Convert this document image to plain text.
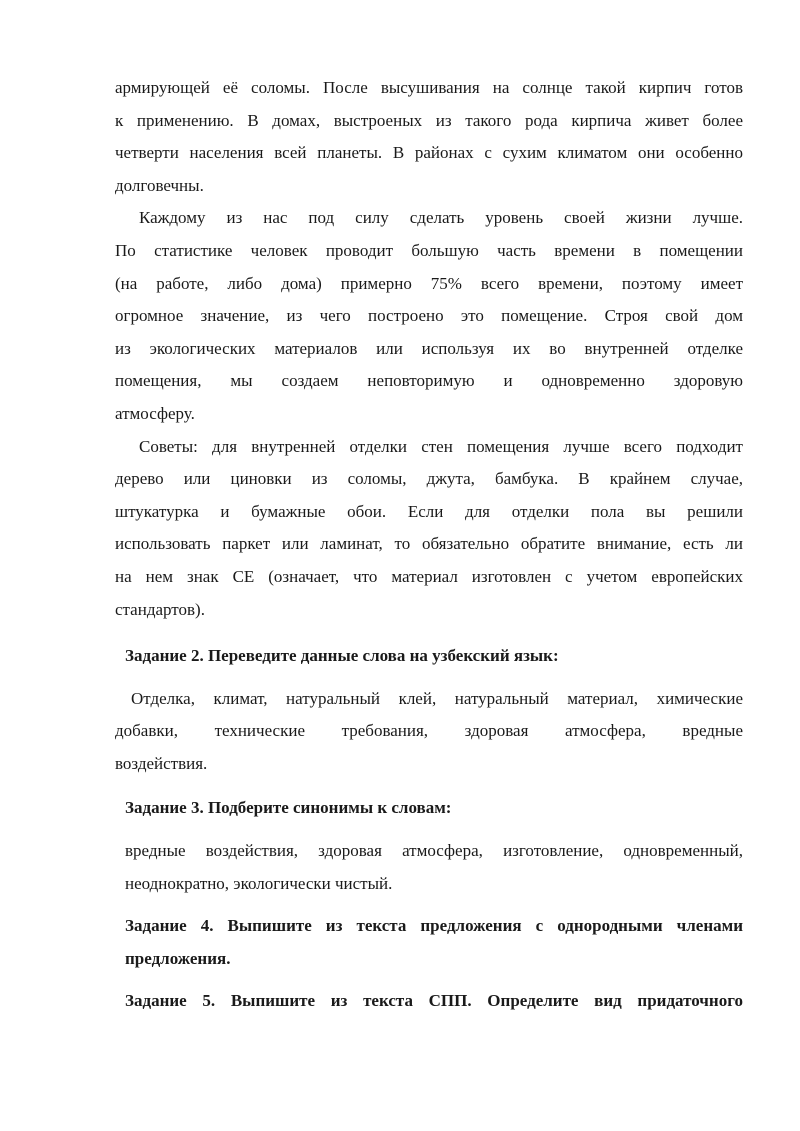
армирующей её соломы. После высушивания на солнце такой кирпич готов
к применению. В домах, выстроеных из такого рода кирпича живет более
четверти населения всей планеты. В районах с сухим климатом они особенно
долговечны.
Каждому из нас под силу сделать уровень своей жизни лучше.
По статистике человек проводит большую часть времени в помещении
(на работе, либо дома) примерно 75% всего времени, поэтому имеет
огромное значение, из чего построено это помещение. Строя свой дом
из экологических материалов или используя их во внутренней отделке
помещения, мы создаем неповторимую и одновременно здоровую
атмосферу.
Советы: для внутренней отделки стен помещения лучше всего подходит
дерево или циновки из соломы, джута, бамбука. В крайнем случае,
штукатурка и бумажные обои. Если для отделки пола вы решили
использовать паркет или ламинат, то обязательно обратите внимание, есть ли
на нем знак CE (означает, что материал изготовлен с учетом европейских
стандартов).
Задание 2. Переведите данные слова на узбекский язык:
Отделка, климат, натуральный клей, натуральный материал, химические
добавки, технические требования, здоровая атмосфера, вредные
воздействия.
Задание 3. Подберите синонимы к словам:
вредные воздействия, здоровая атмосфера, изготовление, одновременный,
неоднократно, экологически чистый.
Задание 4. Выпишите из текста предложения с однородными членами
предложения.
Задание 5. Выпишите из текста СПП. Определите вид придаточного
